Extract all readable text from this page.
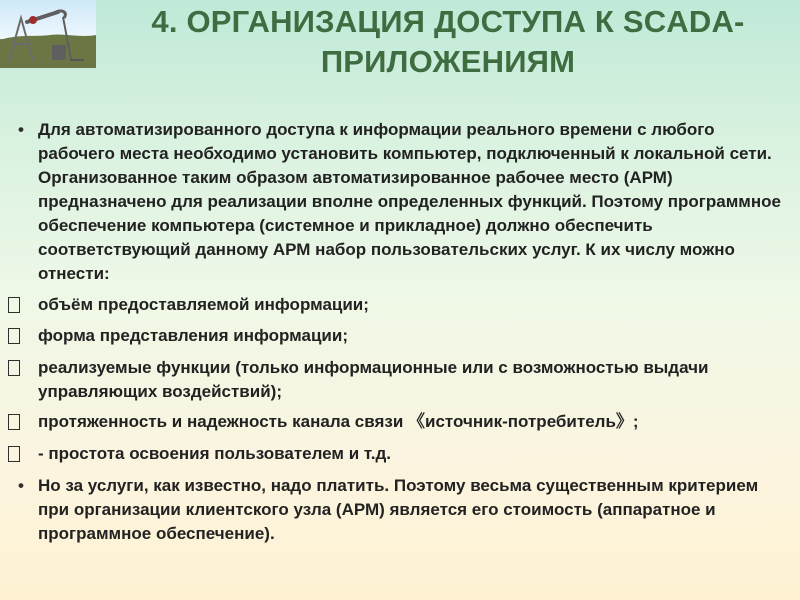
4. ОРГАНИЗАЦИЯ ДОСТУПА К SCADA-ПРИЛОЖЕНИЯМ
• Для автоматизированного доступа к информации реального времени с любого рабочего места необходимо установить компьютер, подключенный к локальной сети. Организованное таким образом автоматизированное рабочее место (АРМ) предназначено для реализации вполне определенных функций. Поэтому программное обеспечение компьютера (системное и прикладное) должно обеспечить соответствующий данному АРМ набор пользовательских услуг. К их числу можно отнести:
объём предоставляемой информации;
форма представления информации;
реализуемые функции (только информационные или с возможностью выдачи управляющих воздействий);
протяженность и надежность канала связи 《источник-потребитель》;
- простота освоения пользователем и т.д.
• Но за услуги, как известно, надо платить. Поэтому весьма существенным критерием при организации клиентского узла (АРМ) является его стоимость (аппаратное и программное обеспечение).
